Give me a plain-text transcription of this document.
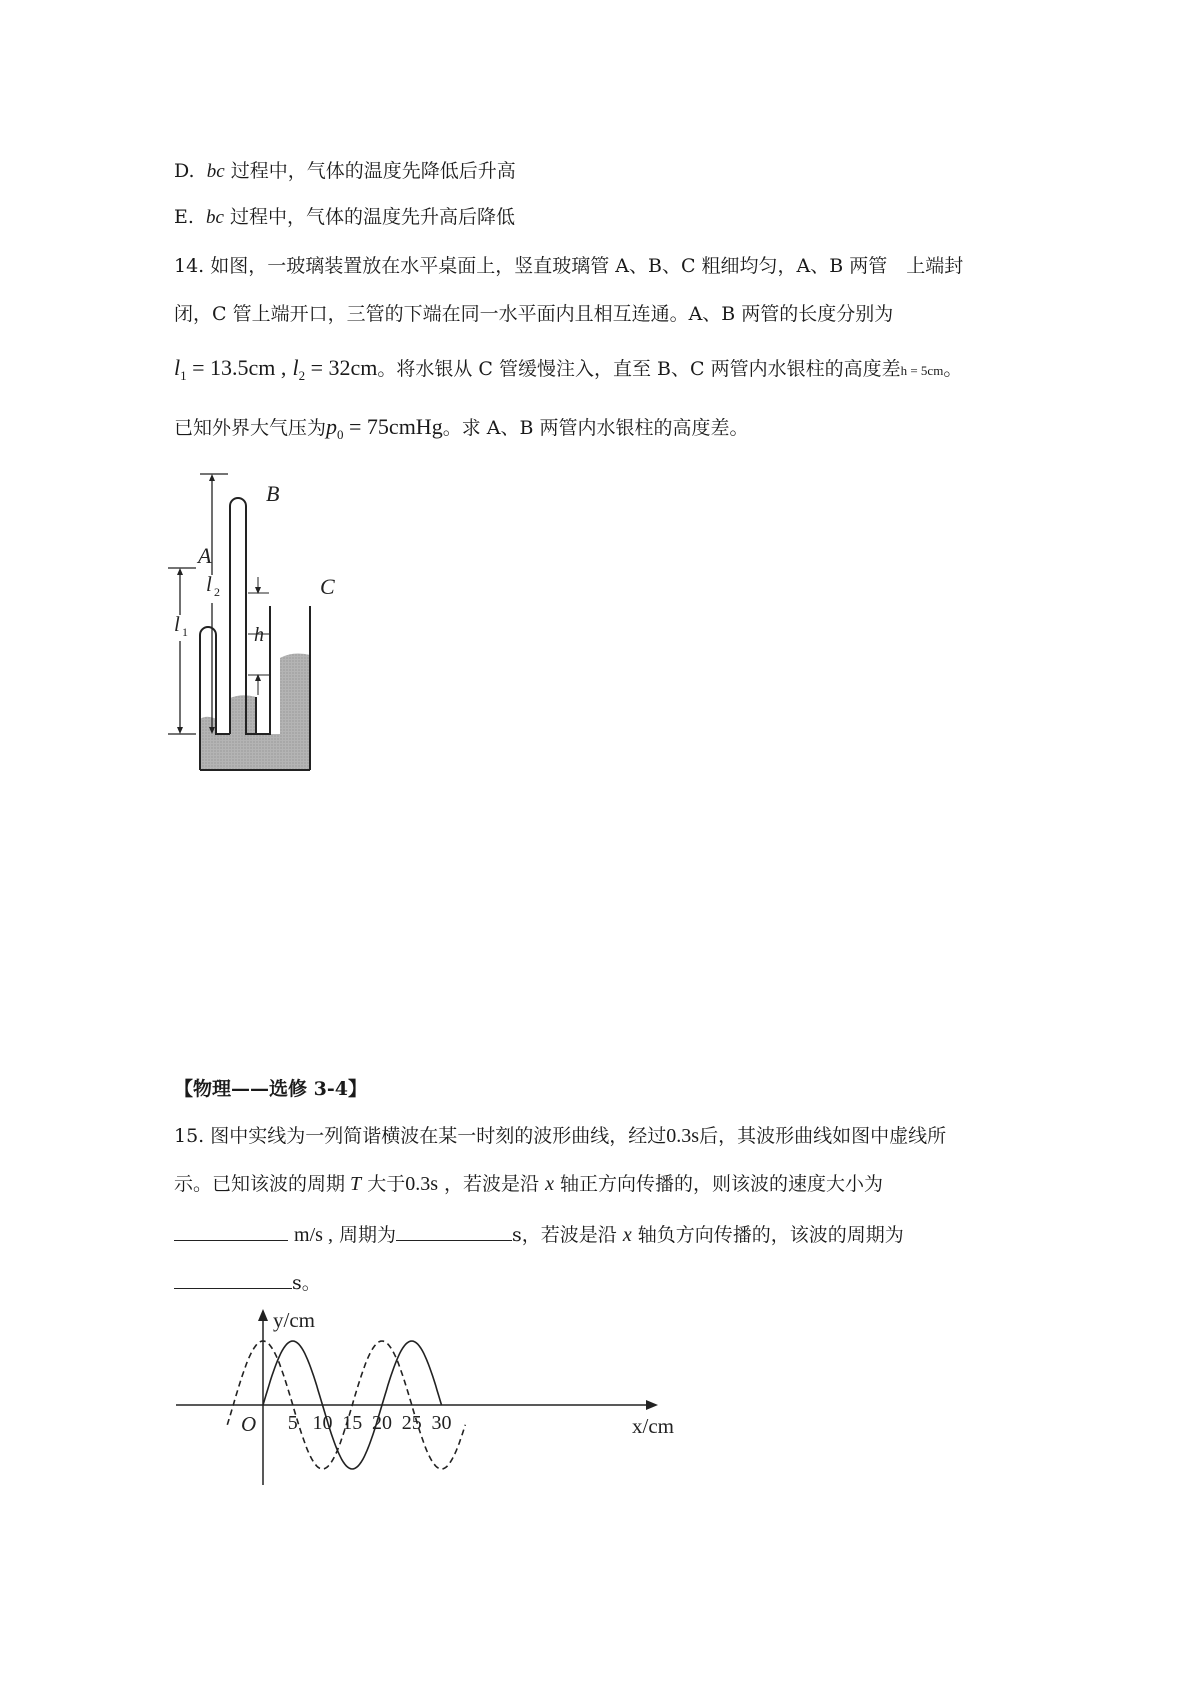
D. bc 过程中，气体的温度先降低后升高
E. bc 过程中，气体的温度先升高后降低
14. 如图，一玻璃装置放在水平桌面上，竖直玻璃管 A、B、C 粗细均匀，A、B 两管　上端封
闭，C 管上端开口，三管的下端在同一水平面内且相互连通。A、B 两管的长度分别为
$l_1 = 13.5cm$ , $l_2 = 32cm$。将水银从 C 管缓慢注入，直至 B、C 两管内水银柱的高度差h = 5cm。
已知外界大气压为$p_0$ = 75cmHg。求 A、B 两管内水银柱的高度差。
A
B
C
l 1
l 2
h
【物理——选修 3-4】
15. 图中实线为一列简谐横波在某一时刻的波形曲线，经过0.3s后，其波形曲线如图中虚线所
示。已知该波的周期 T 大于0.3s ，若波是沿 x 轴正方向传播的，则该波的速度大小为
m/s , 周期为	s，若波是沿 x 轴负方向传播的，该波的周期为
s。
5 10 15 20 25 30
O
y/cm
x/cm
